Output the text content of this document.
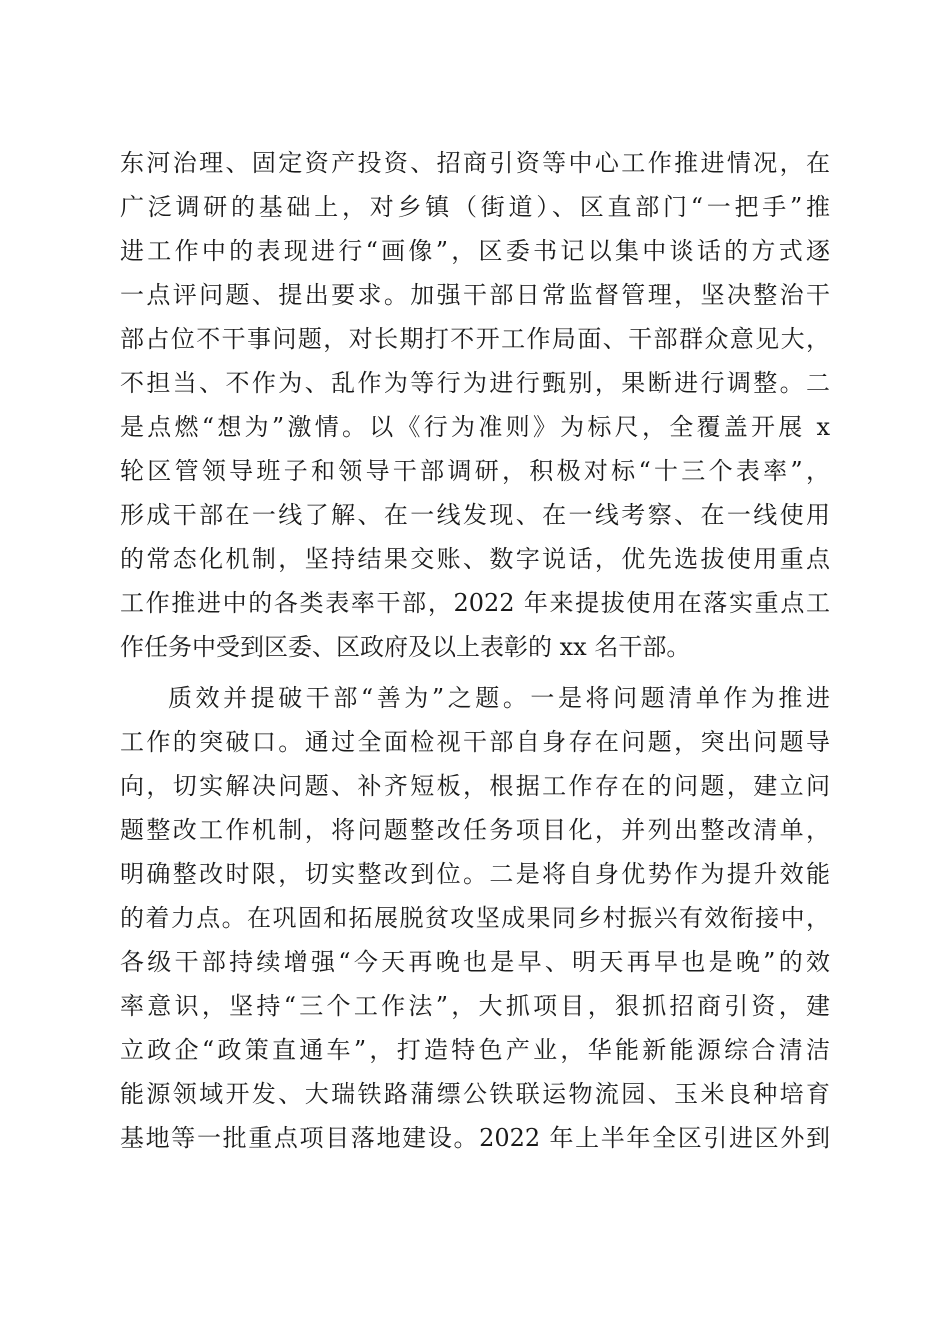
东河治理、固定资产投资、招商引资等中心工作推进情况，在
广泛调研的基础上，对乡镇（街道）、区直部门“一把手”推
进工作中的表现进行“画像”，区委书记以集中谈话的方式逐
一点评问题、提出要求。加强干部日常监督管理，坚决整治干
部占位不干事问题，对长期打不开工作局面、干部群众意见大，
不担当、不作为、乱作为等行为进行甄别，果断进行调整。二
是点燃“想为”激情。以《行为准则》为标尺，全覆盖开展 x
轮区管领导班子和领导干部调研，积极对标“十三个表率”，
形成干部在一线了解、在一线发现、在一线考察、在一线使用
的常态化机制，坚持结果交账、数字说话，优先选拔使用重点
工作推进中的各类表率干部，2022 年来提拔使用在落实重点工
作任务中受到区委、区政府及以上表彰的 xx 名干部。
质效并提破干部“善为”之题。一是将问题清单作为推进
工作的突破口。通过全面检视干部自身存在问题，突出问题导
向，切实解决问题、补齐短板，根据工作存在的问题，建立问
题整改工作机制，将问题整改任务项目化，并列出整改清单，
明确整改时限，切实整改到位。二是将自身优势作为提升效能
的着力点。在巩固和拓展脱贫攻坚成果同乡村振兴有效衔接中，
各级干部持续增强“今天再晚也是早、明天再早也是晚”的效
率意识，坚持“三个工作法”，大抓项目，狠抓招商引资，建
立政企“政策直通车”，打造特色产业，华能新能源综合清洁
能源领域开发、大瑞铁路蒲缥公铁联运物流园、玉米良种培育
基地等一批重点项目落地建设。2022 年上半年全区引进区外到
